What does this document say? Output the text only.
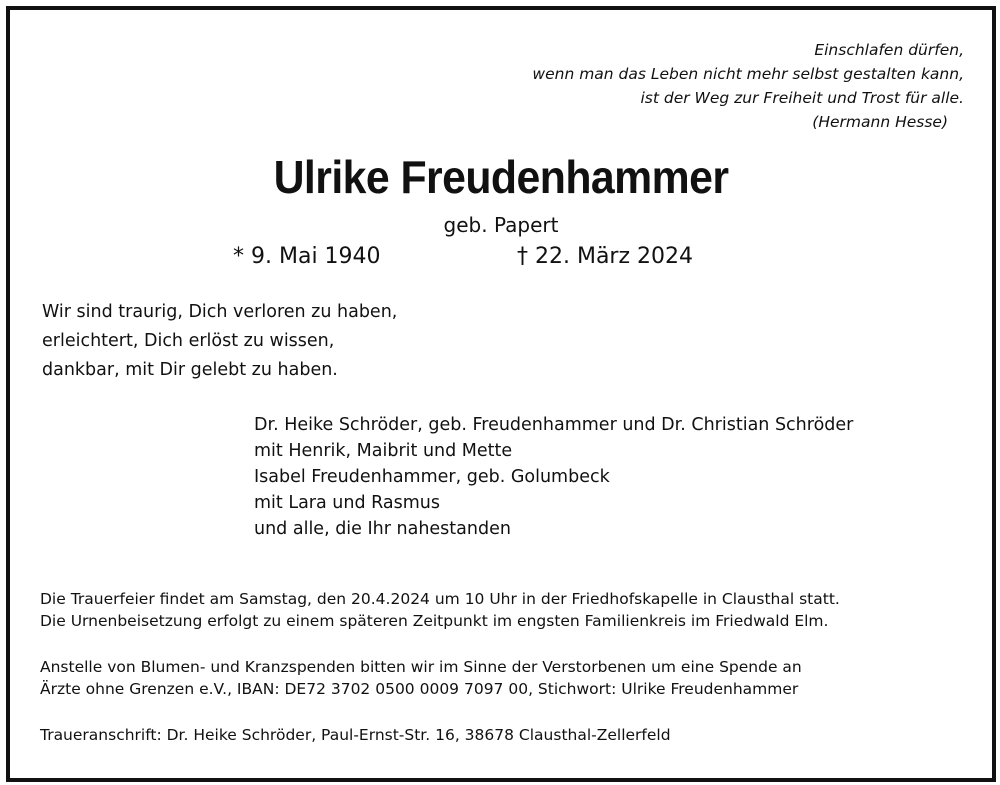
Einschlafen dürfen,
wenn man das Leben nicht mehr selbst gestalten kann,
ist der Weg zur Freiheit und Trost für alle.
(Hermann Hesse)
Ulrike Freudenhammer
geb. Papert
* 9. Mai 1940	† 22. März 2024
Wir sind traurig, Dich verloren zu haben,
erleichtert, Dich erlöst zu wissen,
dankbar, mit Dir gelebt zu haben.
Dr. Heike Schröder, geb. Freudenhammer und Dr. Christian Schröder
mit Henrik, Maibrit und Mette
Isabel Freudenhammer, geb. Golumbeck
mit Lara und Rasmus
und alle, die Ihr nahestanden
Die Trauerfeier findet am Samstag, den 20.4.2024 um 10 Uhr in der Friedhofskapelle in Clausthal statt.
Die Urnenbeisetzung erfolgt zu einem späteren Zeitpunkt im engsten Familienkreis im Friedwald Elm.
Anstelle von Blumen- und Kranzspenden bitten wir im Sinne der Verstorbenen um eine Spende an
Ärzte ohne Grenzen e.V., IBAN: DE72 3702 0500 0009 7097 00, Stichwort: Ulrike Freudenhammer
Traueranschrift: Dr. Heike Schröder, Paul-Ernst-Str. 16, 38678 Clausthal-Zellerfeld
